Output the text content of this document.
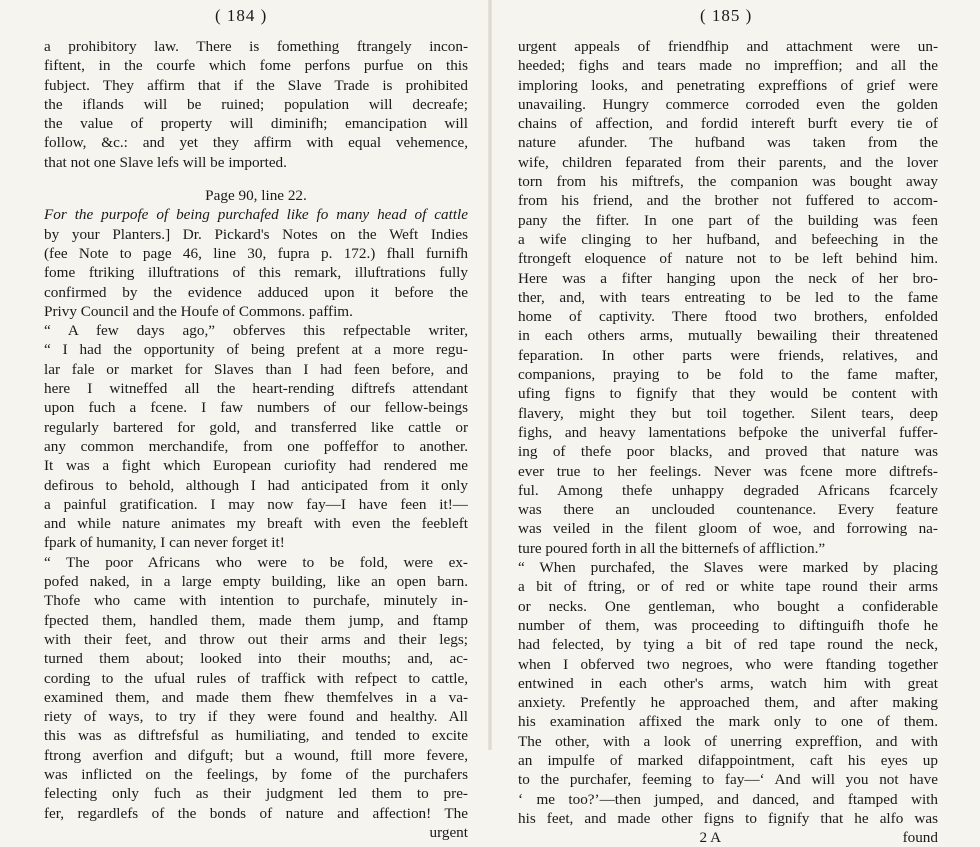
( 184 )
a prohibitory law. There is fomething ftrangely incon-
fiftent, in the courfe which fome perfons purfue on this
fubject. They affirm that if the Slave Trade is prohibited
the iflands will be ruined; population will decreafe;
the value of property will diminifh; emancipation will
follow, &c.: and yet they affirm with equal vehemence,
that not one Slave lefs will be imported.
Page 90, line 22.
For the purpofe of being purchafed like fo many head of cattle
by your Planters.] Dr. Pickard's Notes on the Weft Indies
(fee Note to page 46, line 30, fupra p. 172.) fhall furnifh
fome ftriking illuftrations of this remark, illuftrations fully
confirmed by the evidence adduced upon it before the
Privy Council and the Houfe of Commons. paffim.
“ A few days ago,” obferves this refpectable writer,
“ I had the opportunity of being prefent at a more regu-
lar fale or market for Slaves than I had feen before, and
here I witneffed all the heart-rending diftrefs attendant
upon fuch a fcene. I faw numbers of our fellow-beings
regularly bartered for gold, and transferred like cattle or
any common merchandife, from one poffeffor to another.
It was a fight which European curiofity had rendered me
defirous to behold, although I had anticipated from it only
a painful gratification. I may now fay—I have feen it!—
and while nature animates my breaft with even the feebleft
fpark of humanity, I can never forget it!
“ The poor Africans who were to be fold, were ex-
pofed naked, in a large empty building, like an open barn.
Thofe who came with intention to purchafe, minutely in-
fpected them, handled them, made them jump, and ftamp
with their feet, and throw out their arms and their legs;
turned them about; looked into their mouths; and, ac-
cording to the ufual rules of traffick with refpect to cattle,
examined them, and made them fhew themfelves in a va-
riety of ways, to try if they were found and healthy. All
this was as diftrefsful as humiliating, and tended to excite
ftrong averfion and difguft; but a wound, ftill more fevere,
was inflicted on the feelings, by fome of the purchafers
felecting only fuch as their judgment led them to pre-
fer, regardlefs of the bonds of nature and affection! The
urgent
( 185 )
urgent appeals of friendfhip and attachment were un-
heeded; fighs and tears made no impreffion; and all the
imploring looks, and penetrating expreffions of grief were
unavailing. Hungry commerce corroded even the golden
chains of affection, and fordid intereft burft every tie of
nature afunder. The hufband was taken from the
wife, children feparated from their parents, and the lover
torn from his miftrefs, the companion was bought away
from his friend, and the brother not fuffered to accom-
pany the fifter. In one part of the building was feen
a wife clinging to her hufband, and befeeching in the
ftrongeft eloquence of nature not to be left behind him.
Here was a fifter hanging upon the neck of her bro-
ther, and, with tears entreating to be led to the fame
home of captivity. There ftood two brothers, enfolded
in each others arms, mutually bewailing their threatened
feparation. In other parts were friends, relatives, and
companions, praying to be fold to the fame mafter,
ufing figns to fignify that they would be content with
flavery, might they but toil together. Silent tears, deep
fighs, and heavy lamentations befpoke the univerfal fuffer-
ing of thefe poor blacks, and proved that nature was
ever true to her feelings. Never was fcene more diftrefs-
ful. Among thefe unhappy degraded Africans fcarcely
was there an unclouded countenance. Every feature
was veiled in the filent gloom of woe, and forrowing na-
ture poured forth in all the bitternefs of affliction.”
“ When purchafed, the Slaves were marked by placing
a bit of ftring, or of red or white tape round their arms
or necks. One gentleman, who bought a confiderable
number of them, was proceeding to diftinguifh thofe he
had felected, by tying a bit of red tape round the neck,
when I obferved two negroes, who were ftanding together
entwined in each other's arms, watch him with great
anxiety. Prefently he approached them, and after making
his examination affixed the mark only to one of them.
The other, with a look of unerring expreffion, and with
an impulfe of marked difappointment, caft his eyes up
to the purchafer, feeming to fay—‘ And will you not have
‘ me too?’—then jumped, and danced, and ftamped with
his feet, and made other figns to fignify that he alfo was
2 A	found
